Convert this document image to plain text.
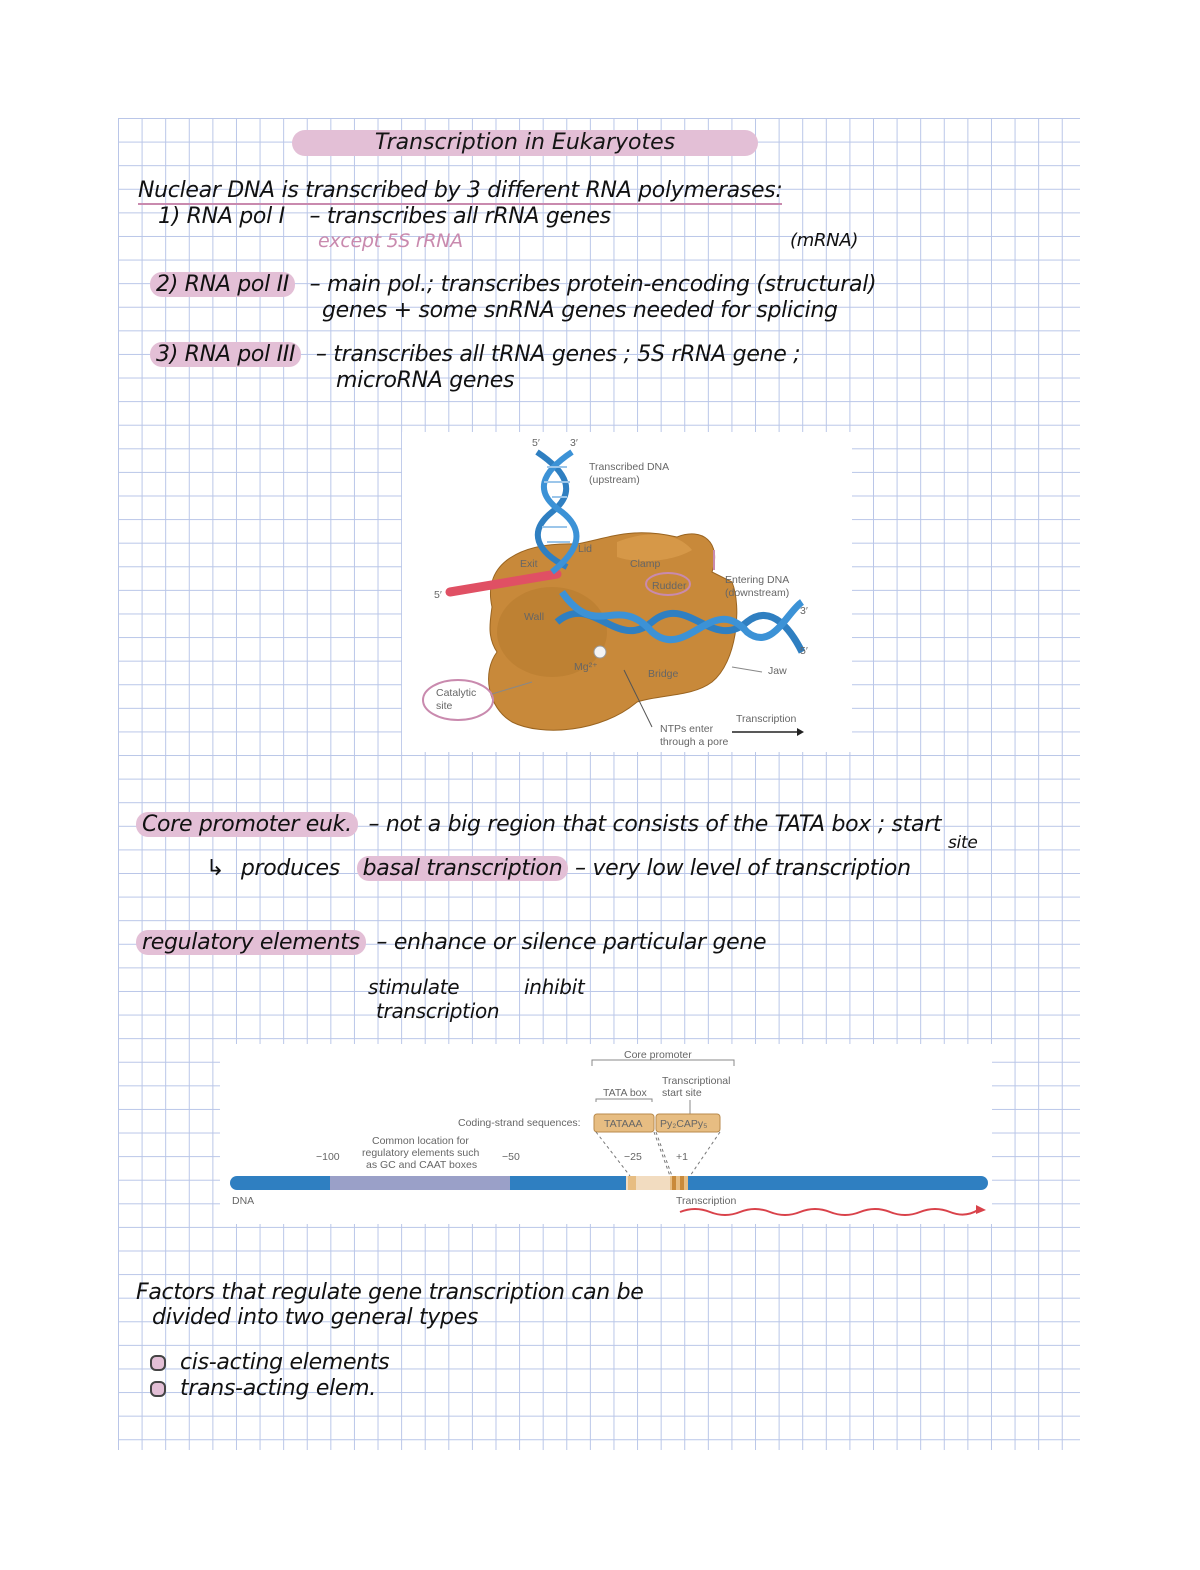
Transcription in Eukaryotes
Nuclear DNA is transcribed by 3 different RNA polymerases:
1) RNA pol I – transcribes all rRNA genes
except 5S rRNA	(mRNA)
2) RNA pol II – main pol.; transcribes protein-encoding (structural)
genes + some snRNA genes needed for splicing
3) RNA pol III – transcribes all tRNA genes ; 5S rRNA gene ;
microRNA genes
5′	3′
Transcribed DNA
(upstream)
Lid
Exit	Clamp
Rudder	Entering DNA
(downstream)
5′
Wall	3′
5′
Mg²⁺
Bridge	Jaw
Catalytic
site
NTPs enter
through a pore
Transcription
Core promoter euk. – not a big region that consists of the TATA box ; start
site
↳ produces basal transcription – very low level of transcription
regulatory elements – enhance or silence particular gene
stimulate
transcription
inhibit
Core promoter
TATA box
Transcriptional
start site
Coding-strand sequences: TATAAA Py₂CAPy₅
Common location for
regulatory elements such
as GC and CAAT boxes
−100	−50	−25	+1
DNA	Transcription
Factors that regulate gene transcription can be
divided into two general types
cis-acting elements
trans-acting elem.
